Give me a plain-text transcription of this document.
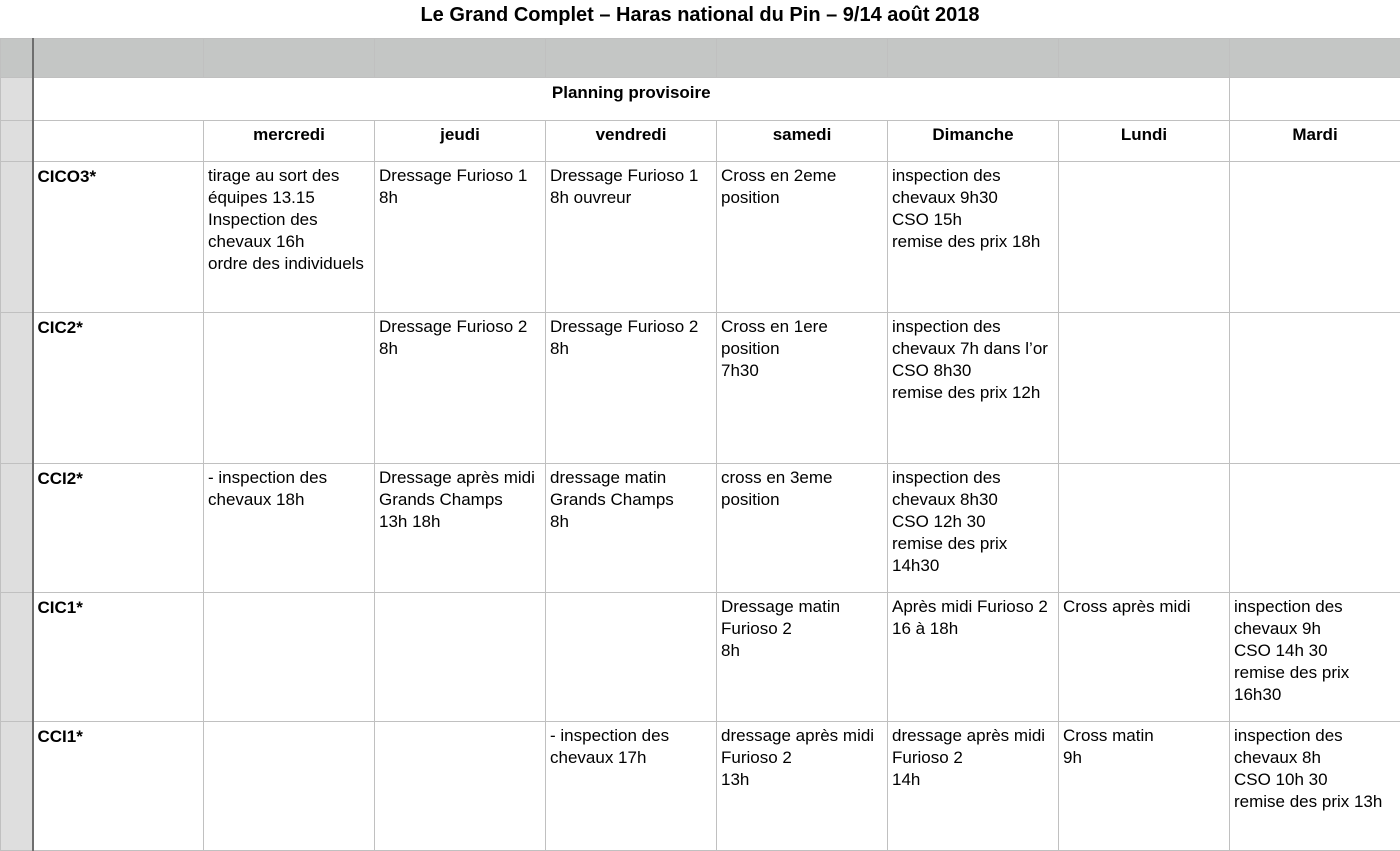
Le Grand Complet – Haras national du Pin – 9/14 août 2018

	Planning provisoire							
		mercredi	jeudi	vendredi	samedi	Dimanche	Lundi	Mardi
	CICO3*	tirage au sort des équipes 13.15
Inspection des chevaux 16h
ordre des individuels	Dressage Furioso 1
8h	Dressage Furioso 1
8h ouvreur	Cross en 2eme position	inspection des chevaux 9h30
CSO 15h
remise des prix 18h		
	CIC2*		Dressage Furioso 2
8h	Dressage Furioso 2
8h	Cross en 1ere position
7h30	inspection des chevaux 7h dans l’or
CSO 8h30
remise des prix 12h		
	CCI2*	- inspection des chevaux 18h	Dressage après midi Grands Champs
13h 18h	dressage matin Grands Champs
8h	cross en 3eme position	inspection des chevaux 8h30
CSO 12h 30
remise des prix 14h30		
	CIC1*				Dressage matin Furioso 2
8h	Après midi Furioso 2
16 à 18h	Cross après midi	inspection des chevaux 9h
CSO 14h 30
remise des prix 16h30
	CCI1*			- inspection des chevaux 17h	dressage après midi Furioso 2
13h	dressage après midi Furioso 2
14h	Cross matin
9h	inspection des chevaux 8h
CSO 10h 30
remise des prix 13h
